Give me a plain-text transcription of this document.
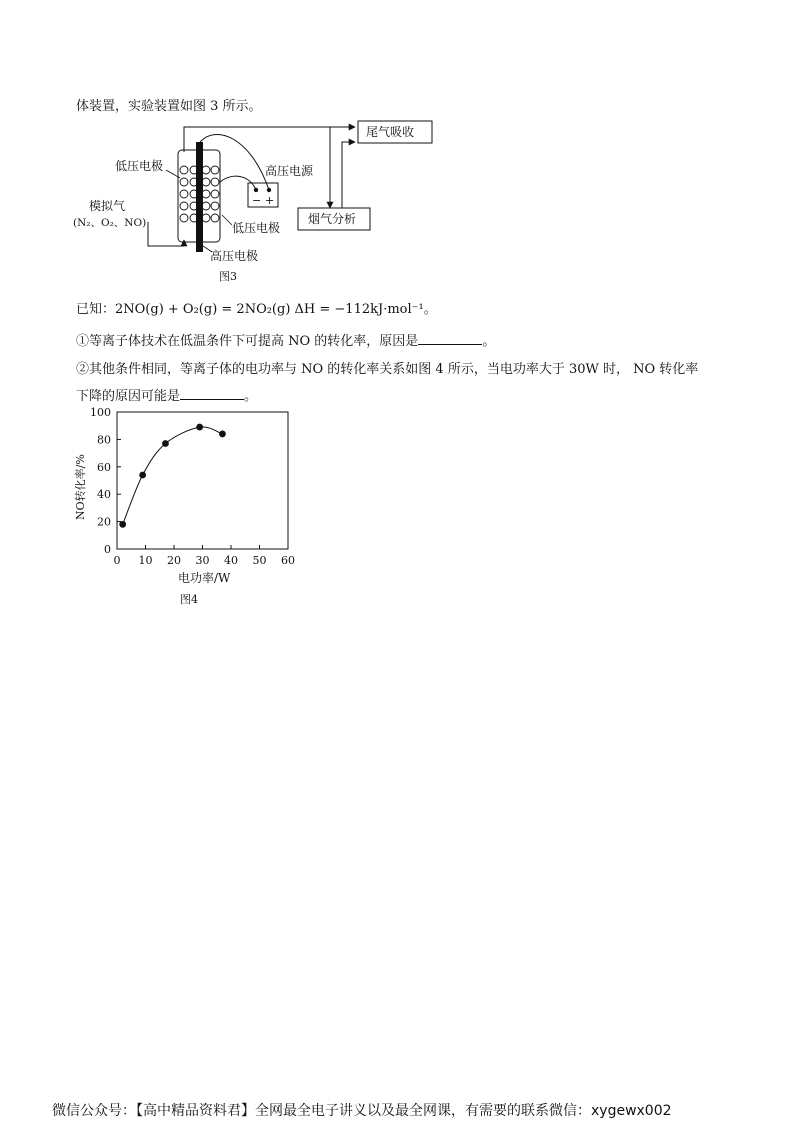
体装置，实验装置如图 3 所示。
低压电极	高压电源
尾气吸收
烟气分析
模拟气
(N₂、O₂、NO)	低压电极
高压电极
− +
图3
已知：2NO(g) + O₂(g) = 2NO₂(g) ΔH = −112kJ·mol⁻¹。
①等离子体技术在低温条件下可提高 NO 的转化率，原因是	。
②其他条件相同，等离子体的电功率与 NO 的转化率关系如图 4 所示，当电功率大于 30W 时， NO 转化率
下降的原因可能是	。
0 10 20 30 40 50 60
0
20
40
60
80
100
NO转化率/%
电功率/W
图4
微信公众号：【高中精品资料君】全网最全电子讲义以及最全网课，有需要的联系微信：xygewx002
